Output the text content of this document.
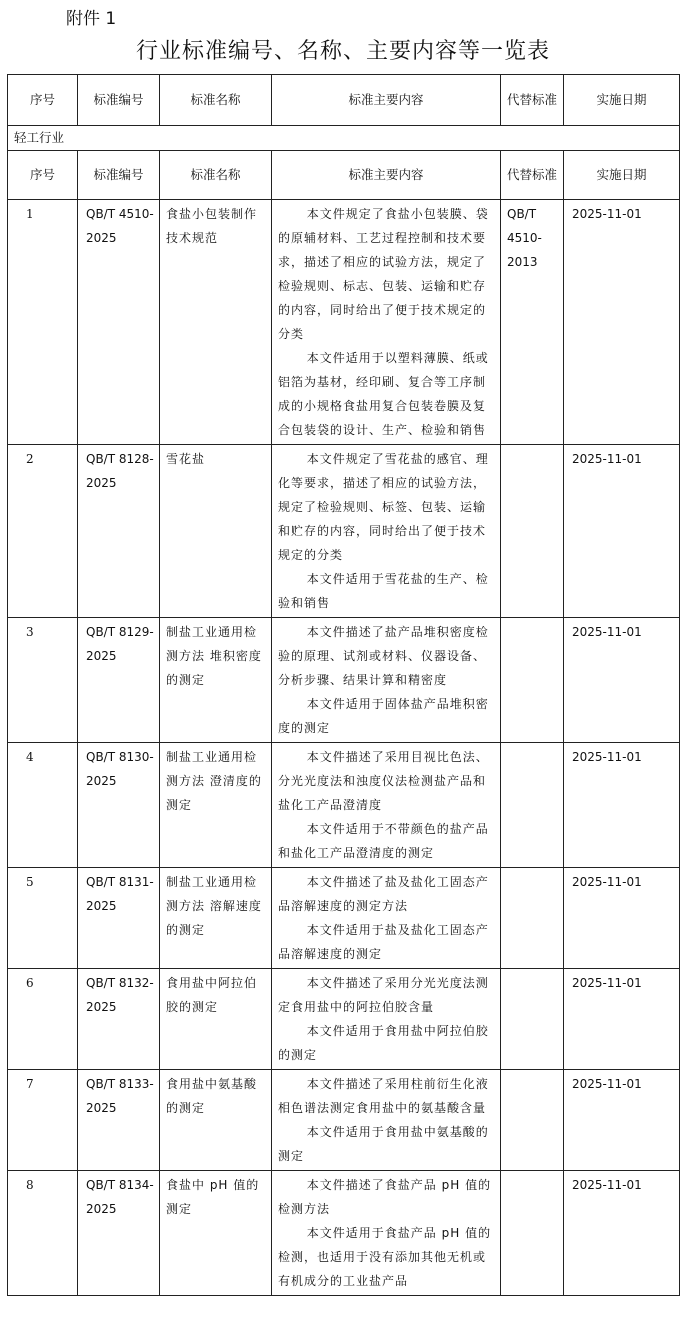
附件 1
行业标准编号、名称、主要内容等一览表
序号	标准编号	标准名称	标准主要内容	代替标准	实施日期
轻工行业					
序号	标准编号	标准名称	标准主要内容	代替标准	实施日期
1	QB/T 4510-2025	食盐小包装制作技术规范	本文件规定了食盐小包装膜、袋的原辅材料、工艺过程控制和技术要求，描述了相应的试验方法，规定了检验规则、标志、包装、运输和贮存的内容，同时给出了便于技术规定的分类

本文件适用于以塑料薄膜、纸或铝箔为基材，经印刷、复合等工序制成的小规格食盐用复合包装卷膜及复合包装袋的设计、生产、检验和销售	QB/T 4510-2013	2025-11-01
2	QB/T 8128-2025	雪花盐	本文件规定了雪花盐的感官、理化等要求，描述了相应的试验方法，规定了检验规则、标签、包装、运输和贮存的内容，同时给出了便于技术规定的分类

本文件适用于雪花盐的生产、检验和销售		2025-11-01
3	QB/T 8129-2025	制盐工业通用检测方法 堆积密度的测定	本文件描述了盐产品堆积密度检验的原理、试剂或材料、仪器设备、分析步骤、结果计算和精密度

本文件适用于固体盐产品堆积密度的测定		2025-11-01
4	QB/T 8130-2025	制盐工业通用检测方法 澄清度的测定	本文件描述了采用目视比色法、分光光度法和浊度仪法检测盐产品和盐化工产品澄清度

本文件适用于不带颜色的盐产品和盐化工产品澄清度的测定		2025-11-01
5	QB/T 8131-2025	制盐工业通用检测方法 溶解速度的测定	本文件描述了盐及盐化工固态产品溶解速度的测定方法

本文件适用于盐及盐化工固态产品溶解速度的测定		2025-11-01
6	QB/T 8132-2025	食用盐中阿拉伯胶的测定	本文件描述了采用分光光度法测定食用盐中的阿拉伯胶含量

本文件适用于食用盐中阿拉伯胶的测定		2025-11-01
7	QB/T 8133-2025	食用盐中氨基酸的测定	本文件描述了采用柱前衍生化液相色谱法测定食用盐中的氨基酸含量

本文件适用于食用盐中氨基酸的测定		2025-11-01
8	QB/T 8134-2025	食盐中 pH 值的测定	本文件描述了食盐产品 pH 值的检测方法

本文件适用于食盐产品 pH 值的检测，也适用于没有添加其他无机或有机成分的工业盐产品		2025-11-01
